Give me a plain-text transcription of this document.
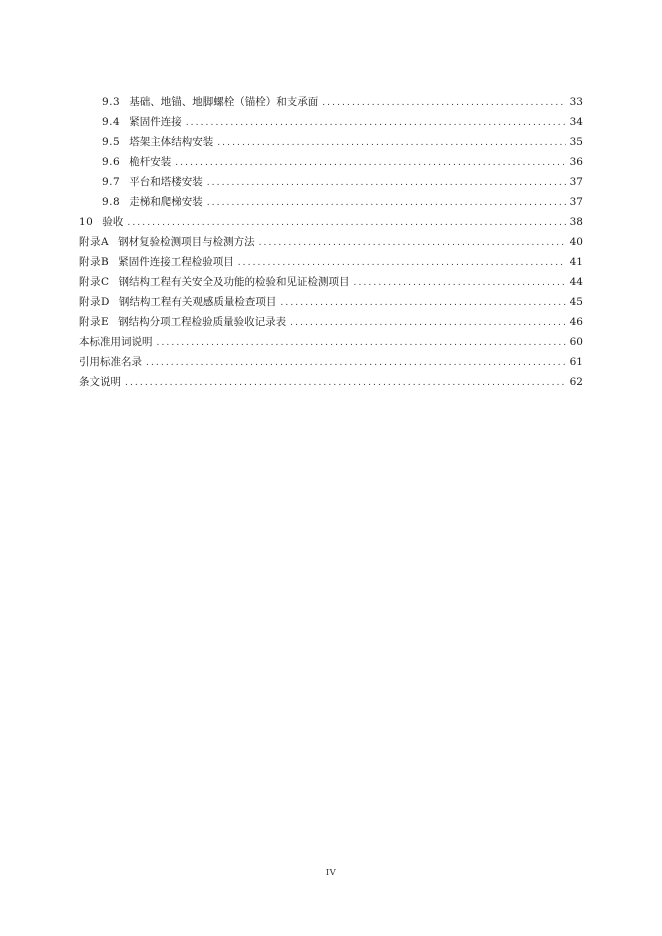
9.3 基础、地锚、地脚螺栓（锚栓）和支承面 .....	33
9.4 紧固件连接 .....	34
9.5 塔架主体结构安装 .....	35
9.6 桅杆安装 .....	36
9.7 平台和塔楼安装 .....	37
9.8 走梯和爬梯安装 .....	37
10 验收 .....	38
附录A 钢材复验检测项目与检测方法 .....	40
附录B 紧固件连接工程检验项目 .....	41
附录C 钢结构工程有关安全及功能的检验和见证检测项目 .....	44
附录D 钢结构工程有关观感质量检查项目 .....	45
附录E 钢结构分项工程检验质量验收记录表 .....	46
本标准用词说明 .....	60
引用标准名录 .....	61
条文说明 .....	62
IV
